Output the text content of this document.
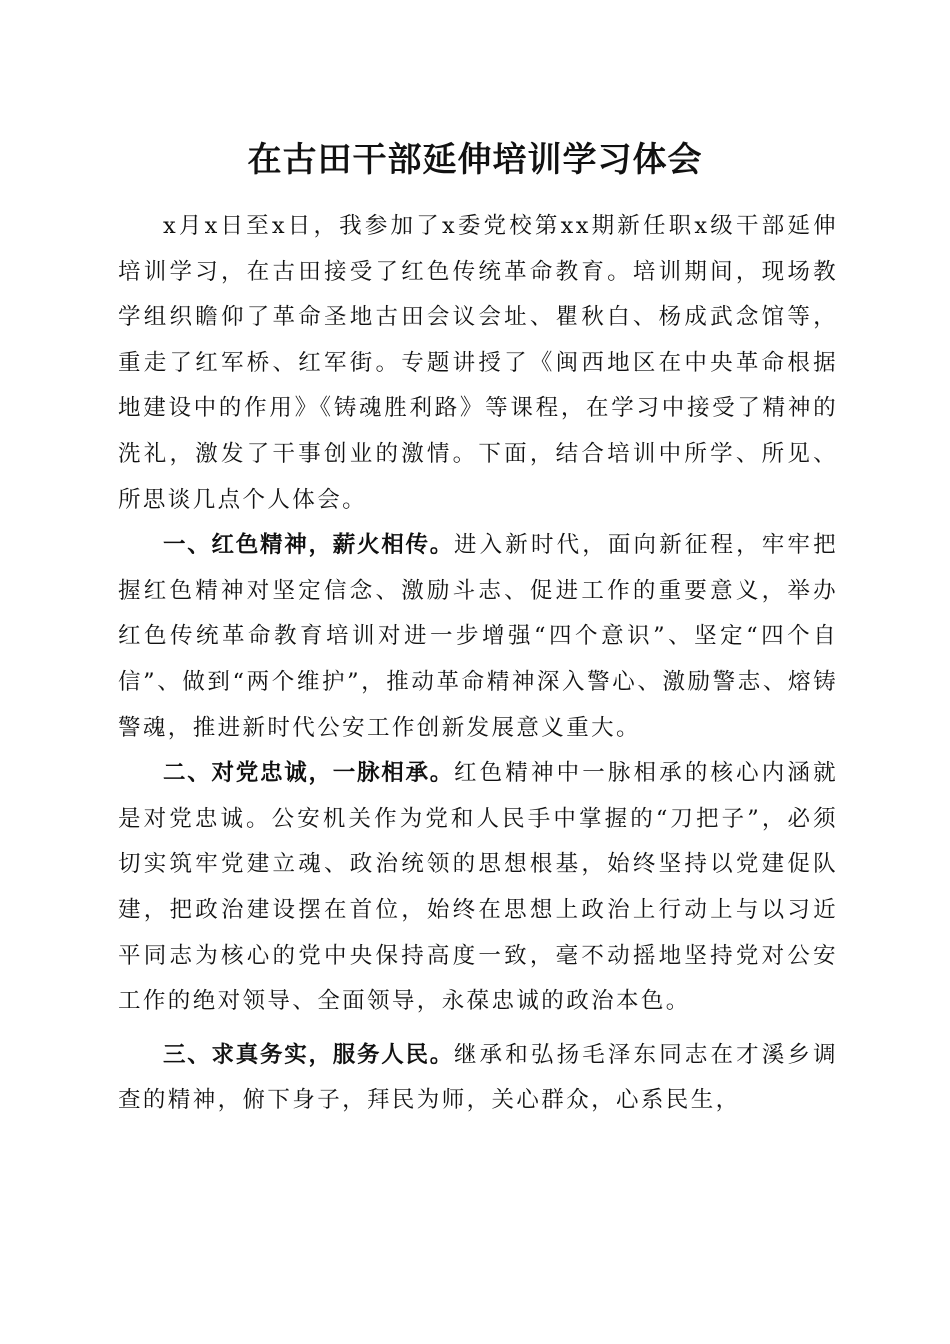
在古田干部延伸培训学习体会

x月x日至x日，我参加了x委党校第xx期新任职x级干部延伸培训学习，在古田接受了红色传统革命教育。培训期间，现场教学组织瞻仰了革命圣地古田会议会址、瞿秋白、杨成武念馆等，重走了红军桥、红军街。专题讲授了《闽西地区在中央革命根据地建设中的作用》《铸魂胜利路》等课程，在学习中接受了精神的洗礼，激发了干事创业的激情。下面，结合培训中所学、所见、所思谈几点个人体会。

一、红色精神，薪火相传。进入新时代，面向新征程，牢牢把握红色精神对坚定信念、激励斗志、促进工作的重要意义，举办红色传统革命教育培训对进一步增强“四个意识”、坚定“四个自信”、做到“两个维护”，推动革命精神深入警心、激励警志、熔铸警魂，推进新时代公安工作创新发展意义重大。

二、对党忠诚，一脉相承。红色精神中一脉相承的核心内涵就是对党忠诚。公安机关作为党和人民手中掌握的“刀把子”，必须切实筑牢党建立魂、政治统领的思想根基，始终坚持以党建促队建，把政治建设摆在首位，始终在思想上政治上行动上与以习近平同志为核心的党中央保持高度一致，毫不动摇地坚持党对公安工作的绝对领导、全面领导，永葆忠诚的政治本色。

三、求真务实，服务人民。继承和弘扬毛泽东同志在才溪乡调查的精神，俯下身子，拜民为师，关心群众，心系民生，
